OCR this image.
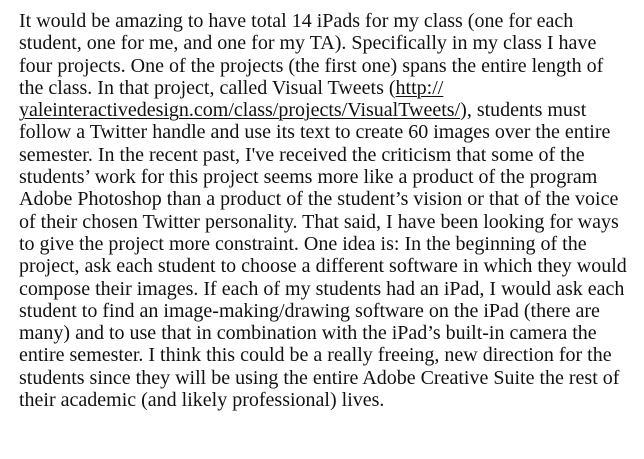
It would be amazing to have total 14 iPads for my class (one for each
student, one for me, and one for my TA). Specifically in my class I have
four projects. One of the projects (the first one) spans the entire length of
the class. In that project, called Visual Tweets (http://
yaleinteractivedesign.com/class/projects/VisualTweets/), students must
follow a Twitter handle and use its text to create 60 images over the entire
semester. In the recent past, I've received the criticism that some of the
students’ work for this project seems more like a product of the program
Adobe Photoshop than a product of the student’s vision or that of the voice
of their chosen Twitter personality. That said, I have been looking for ways
to give the project more constraint. One idea is: In the beginning of the
project, ask each student to choose a different software in which they would
compose their images. If each of my students had an iPad, I would ask each
student to find an image-making/drawing software on the iPad (there are
many) and to use that in combination with the iPad’s built-in camera the
entire semester. I think this could be a really freeing, new direction for the
students since they will be using the entire Adobe Creative Suite the rest of
their academic (and likely professional) lives.
